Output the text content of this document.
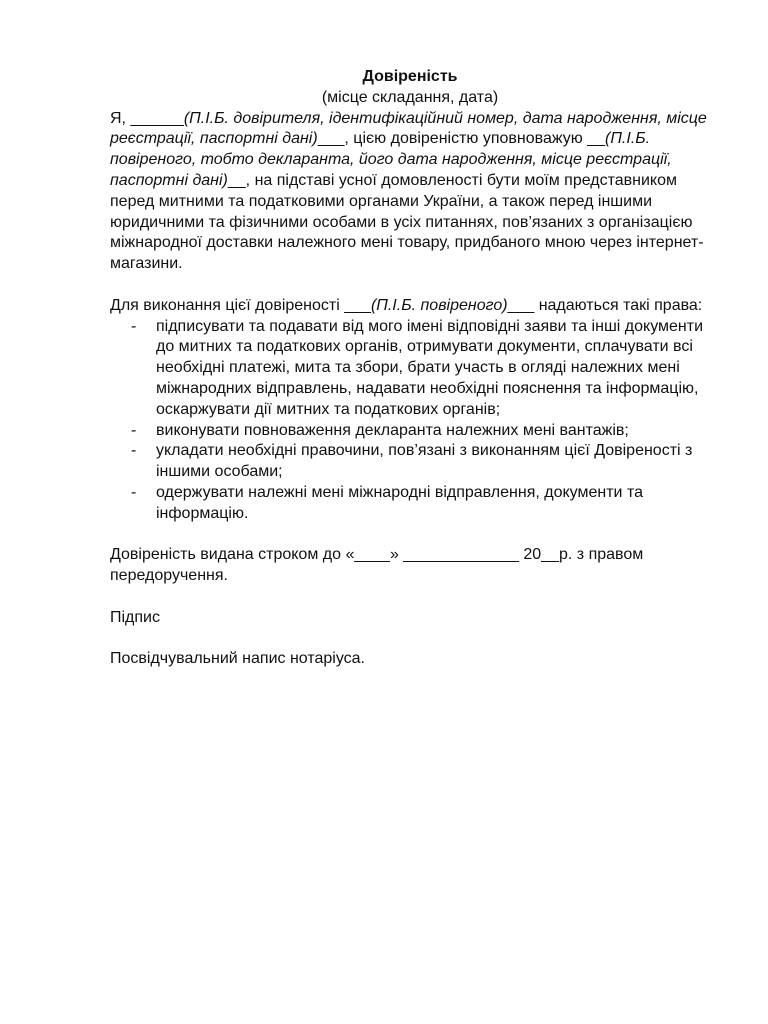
Довіреність

(місце складання, дата)

Я, ______(П.І.Б. довірителя, ідентифікаційний номер, дата народження, місце реєстрації, паспортні дані)___, цією довіреністю уповноважую __(П.І.Б. повіреного, тобто декларанта, його дата народження, місце реєстрації, паспортні дані)__, на підставі усної домовленості бути моїм представником перед митними та податковими органами України, а також перед іншими юридичними та фізичними особами в усіх питаннях, пов’язаних з організацією міжнародної доставки належного мені товару, придбаного мною через інтернет-магазини.

Для виконання цієї довіреності ___(П.І.Б. повіреного)___ надаються такі права:

- підписувати та подавати від мого імені відповідні заяви та інші документи до митних та податкових органів, отримувати документи, сплачувати всі необхідні платежі, мита та збори, брати участь в огляді належних мені міжнародних відправлень, надавати необхідні пояснення та інформацію, оскаржувати дії митних та податкових органів;
- виконувати повноваження декларанта належних мені вантажів;
- укладати необхідні правочини, пов’язані з виконанням цієї Довіреності з іншими особами;
- одержувати належні мені міжнародні відправлення, документи та інформацію.

Довіреність видана строком до «____» _____________ 20__р. з правом передоручення.

Підпис

Посвідчувальний напис нотаріуса.
